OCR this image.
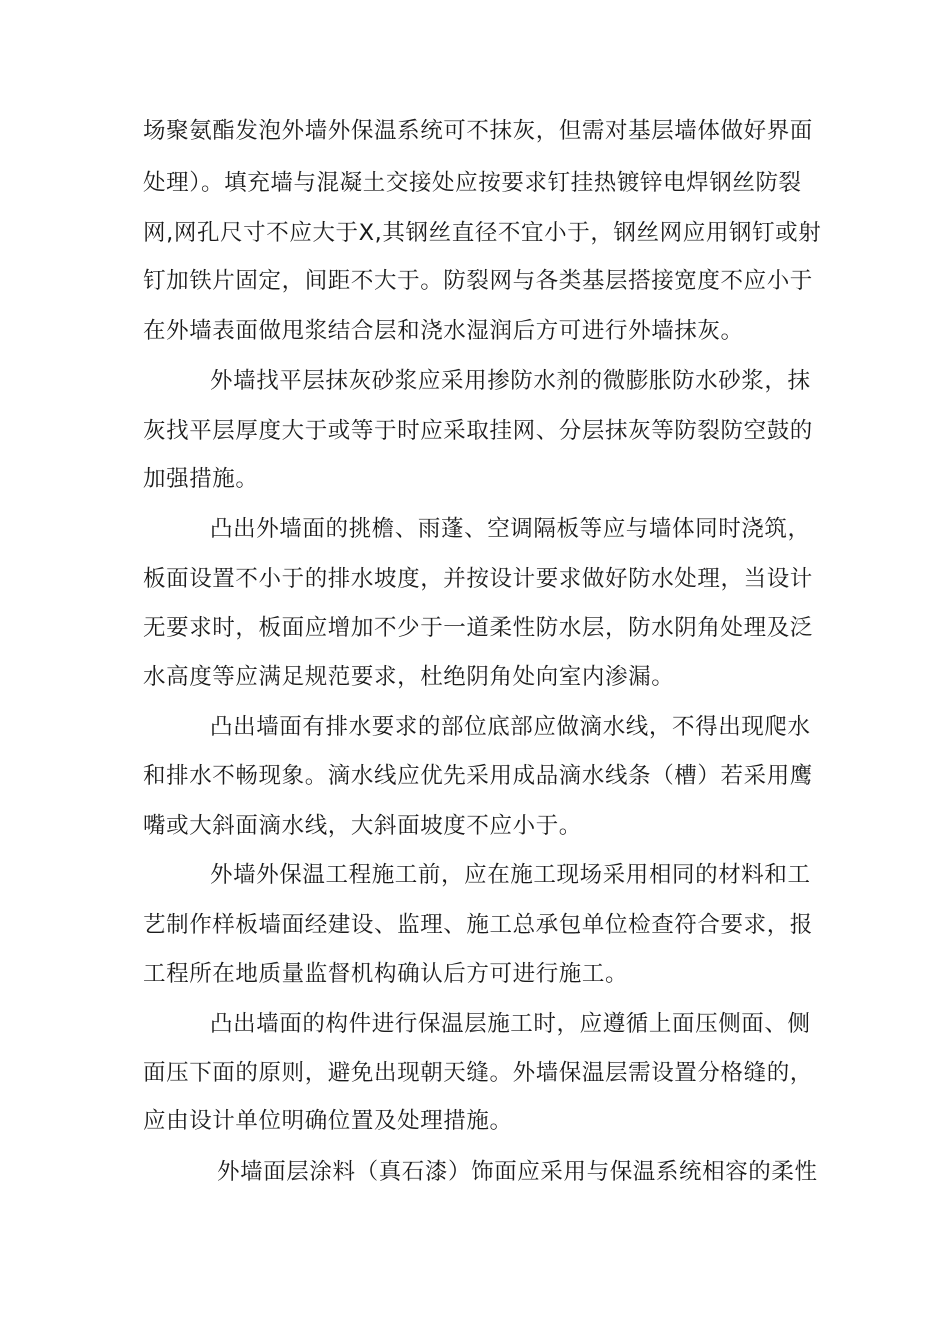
场聚氨酯发泡外墙外保温系统可不抹灰，但需对基层墙体做好界面

处理）。填充墙与混凝土交接处应按要求钉挂热镀锌电焊钢丝防裂

网,网孔尺寸不应大于X,其钢丝直径不宜小于，钢丝网应用钢钉或射

钉加铁片固定，间距不大于。防裂网与各类基层搭接宽度不应小于

在外墙表面做甩浆结合层和浇水湿润后方可进行外墙抹灰。

外墙找平层抹灰砂浆应采用掺防水剂的微膨胀防水砂浆，抹

灰找平层厚度大于或等于时应采取挂网、分层抹灰等防裂防空鼓的

加强措施。

凸出外墙面的挑檐、雨蓬、空调隔板等应与墙体同时浇筑，

板面设置不小于的排水坡度，并按设计要求做好防水处理，当设计

无要求时，板面应增加不少于一道柔性防水层，防水阴角处理及泛

水高度等应满足规范要求，杜绝阴角处向室内渗漏。

凸出墙面有排水要求的部位底部应做滴水线，不得出现爬水

和排水不畅现象。滴水线应优先采用成品滴水线条（槽）若采用鹰

嘴或大斜面滴水线，大斜面坡度不应小于。

外墙外保温工程施工前，应在施工现场采用相同的材料和工

艺制作样板墙面经建设、监理、施工总承包单位检查符合要求，报

工程所在地质量监督机构确认后方可进行施工。

凸出墙面的构件进行保温层施工时，应遵循上面压侧面、侧

面压下面的原则，避免出现朝天缝。外墙保温层需设置分格缝的，

应由设计单位明确位置及处理措施。

外墙面层涂料（真石漆）饰面应采用与保温系统相容的柔性
